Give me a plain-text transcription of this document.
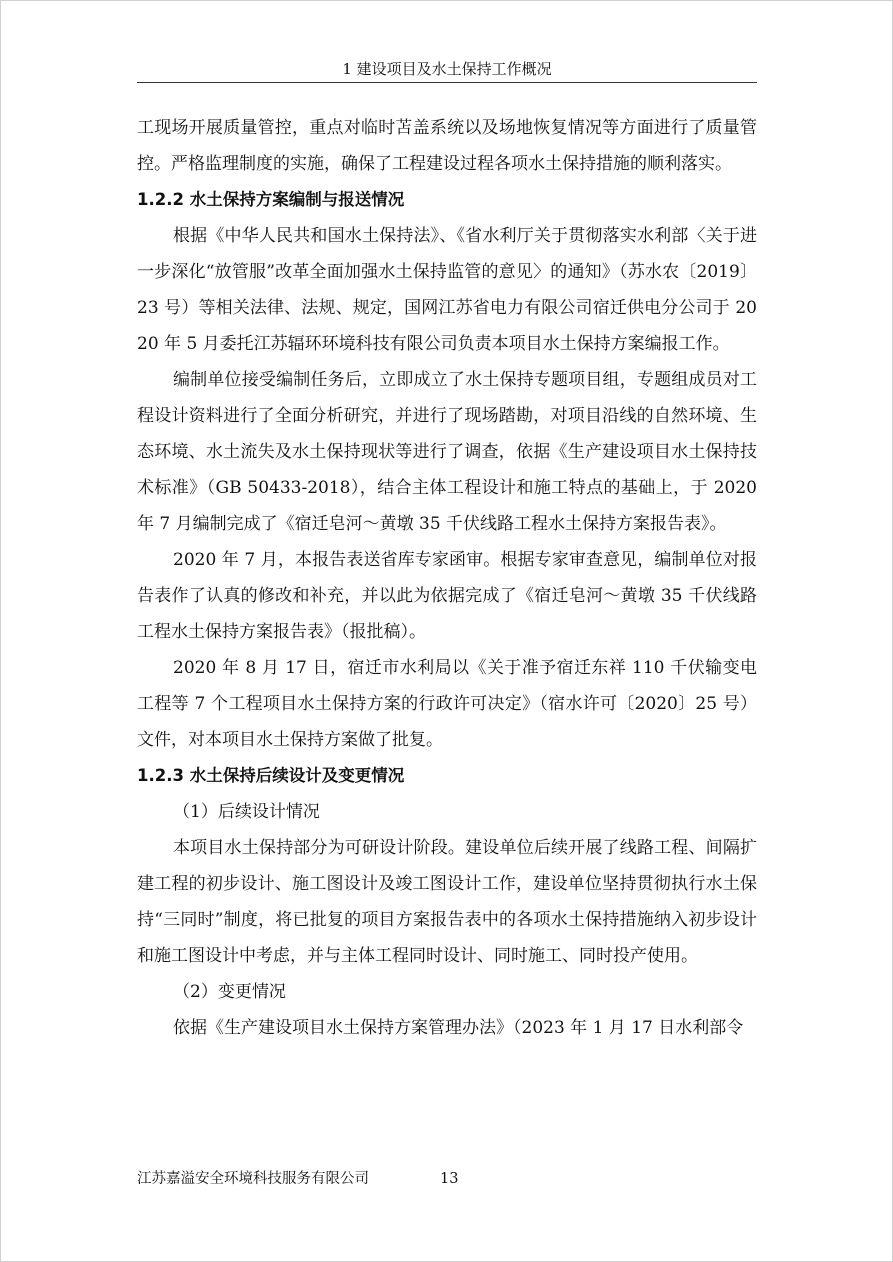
1 建设项目及水土保持工作概况

工现场开展质量管控，重点对临时苫盖系统以及场地恢复情况等方面进行了质量管控。严格监理制度的实施，确保了工程建设过程各项水土保持措施的顺利落实。

1.2.2 水土保持方案编制与报送情况

根据《中华人民共和国水土保持法》、《省水利厅关于贯彻落实水利部〈关于进一步深化“放管服”改革全面加强水土保持监管的意见〉的通知》（苏水农〔2019〕23 号）等相关法律、法规、规定，国网江苏省电力有限公司宿迁供电分公司于 2020 年 5 月委托江苏辐环环境科技有限公司负责本项目水土保持方案编报工作。

编制单位接受编制任务后，立即成立了水土保持专题项目组，专题组成员对工程设计资料进行了全面分析研究，并进行了现场踏勘，对项目沿线的自然环境、生态环境、水土流失及水土保持现状等进行了调查，依据《生产建设项目水土保持技术标准》（GB 50433-2018），结合主体工程设计和施工特点的基础上，于 2020 年 7 月编制完成了《宿迁皂河～黄墩 35 千伏线路工程水土保持方案报告表》。

2020 年 7 月，本报告表送省库专家函审。根据专家审查意见，编制单位对报告表作了认真的修改和补充，并以此为依据完成了《宿迁皂河～黄墩 35 千伏线路工程水土保持方案报告表》（报批稿）。

2020 年 8 月 17 日，宿迁市水利局以《关于准予宿迁东祥 110 千伏输变电工程等 7 个工程项目水土保持方案的行政许可决定》（宿水许可〔2020〕25 号）文件，对本项目水土保持方案做了批复。

1.2.3 水土保持后续设计及变更情况

（1）后续设计情况

本项目水土保持部分为可研设计阶段。建设单位后续开展了线路工程、间隔扩建工程的初步设计、施工图设计及竣工图设计工作，建设单位坚持贯彻执行水土保持“三同时”制度，将已批复的项目方案报告表中的各项水土保持措施纳入初步设计和施工图设计中考虑，并与主体工程同时设计、同时施工、同时投产使用。

（2）变更情况

依据《生产建设项目水土保持方案管理办法》（2023 年 1 月 17 日水利部令

江苏嘉溢安全环境科技服务有限公司	13
